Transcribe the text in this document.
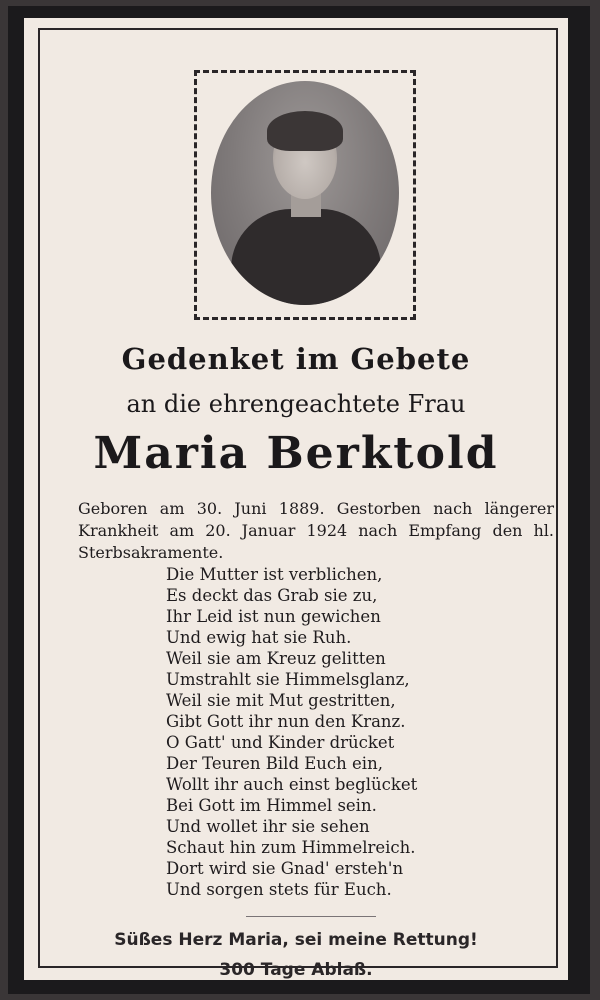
Gedenket im Gebete
an die ehrengeachtete Frau
Maria Berktold
Geboren am 30. Juni 1889. Gestorben nach längerer Krankheit am 20. Januar 1924 nach Empfang den hl. Sterbsakramente.
Die Mutter ist verblichen,
Es deckt das Grab sie zu,
Ihr Leid ist nun gewichen
Und ewig hat sie Ruh.
Weil sie am Kreuz gelitten
Umstrahlt sie Himmelsglanz,
Weil sie mit Mut gestritten,
Gibt Gott ihr nun den Kranz.
O Gatt' und Kinder drücket
Der Teuren Bild Euch ein,
Wollt ihr auch einst beglücket
Bei Gott im Himmel sein.
Und wollet ihr sie sehen
Schaut hin zum Himmelreich.
Dort wird sie Gnad' ersteh'n
Und sorgen stets für Euch.
Süßes Herz Maria, sei meine Rettung!
300 Tage Ablaß.
